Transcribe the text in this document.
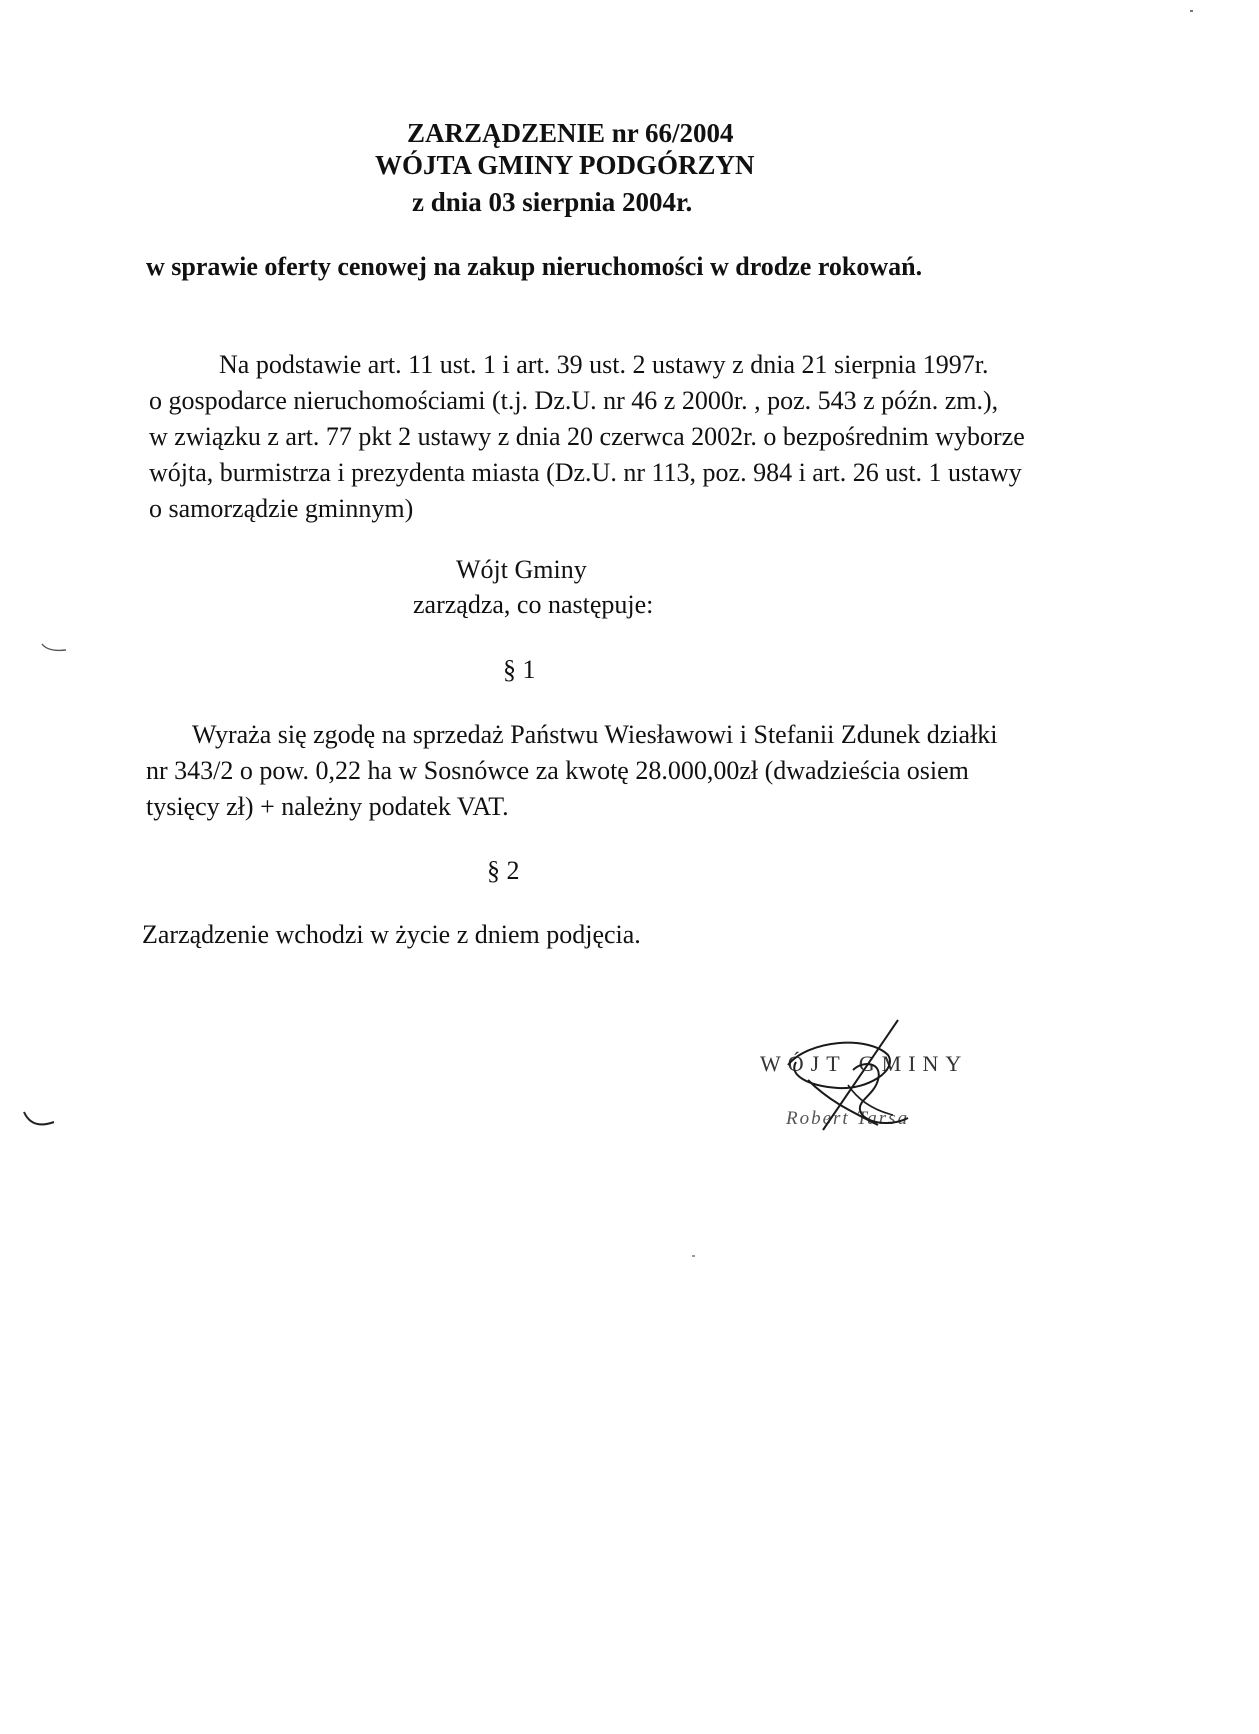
ZARZĄDZENIE nr 66/2004
WÓJTA GMINY PODGÓRZYN
z dnia 03 sierpnia 2004r.
w sprawie oferty cenowej na zakup nieruchomości w drodze rokowań.
Na podstawie art. 11 ust. 1 i art. 39 ust. 2 ustawy z dnia 21 sierpnia 1997r.
o gospodarce nieruchomościami (t.j. Dz.U. nr 46 z 2000r. , poz. 543 z późn. zm.),
w związku z art. 77 pkt 2 ustawy z dnia 20 czerwca 2002r. o bezpośrednim wyborze
wójta, burmistrza i prezydenta miasta (Dz.U. nr 113, poz. 984 i art. 26 ust. 1 ustawy
o samorządzie gminnym)
Wójt Gminy
zarządza, co następuje:
§ 1
Wyraża się zgodę na sprzedaż Państwu Wiesławowi i Stefanii Zdunek działki
nr 343/2 o pow. 0,22 ha w Sosnówce za kwotę 28.000,00zł (dwadzieścia osiem
tysięcy zł) + należny podatek VAT.
§ 2
Zarządzenie wchodzi w życie z dniem podjęcia.
WÓJT GMINY
Robert Tarsa
